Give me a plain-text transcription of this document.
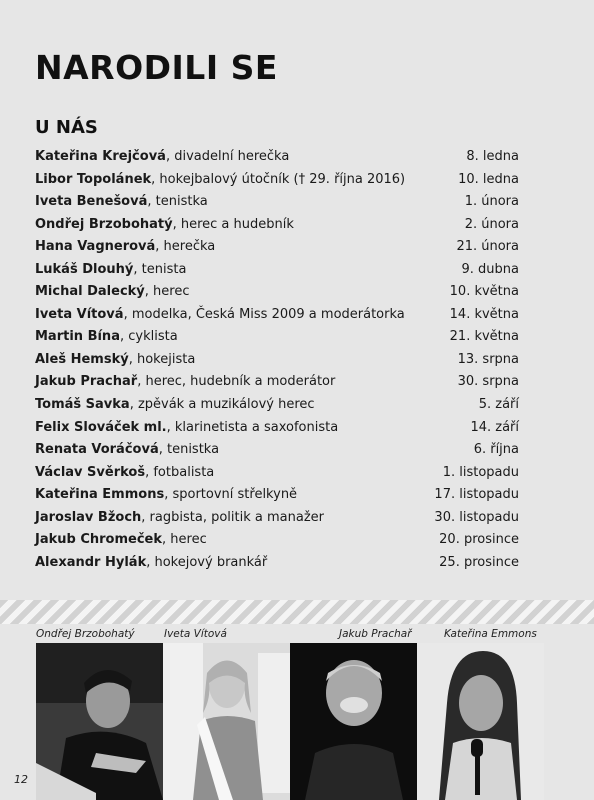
NARODILI SE
U NÁS
Kateřina Krejčová, divadelní herečka	8. ledna
Libor Topolánek, hokejbalový útočník († 29. října 2016)	10. ledna
Iveta Benešová, tenistka	1. února
Ondřej Brzobohatý, herec a hudebník	2. února
Hana Vagnerová, herečka	21. února
Lukáš Dlouhý, tenista	9. dubna
Michal Dalecký, herec	10. května
Iveta Vítová, modelka, Česká Miss 2009 a moderátorka	14. května
Martin Bína, cyklista	21. května
Aleš Hemský, hokejista	13. srpna
Jakub Prachař, herec, hudebník a moderátor	30. srpna
Tomáš Savka, zpěvák a muzikálový herec	5. září
Felix Slováček ml., klarinetista a saxofonista	14. září
Renata Voráčová, tenistka	6. října
Václav Svěrkoš, fotbalista	1. listopadu
Kateřina Emmons, sportovní střelkyně	17. listopadu
Jaroslav Bžoch, ragbista, politik a manažer	30. listopadu
Jakub Chromeček, herec	20. prosince
Alexandr Hylák, hokejový brankář	25. prosince
Ondřej Brzobohatý	Iveta Vítová	Jakub Prachař	Kateřina Emmons
12
